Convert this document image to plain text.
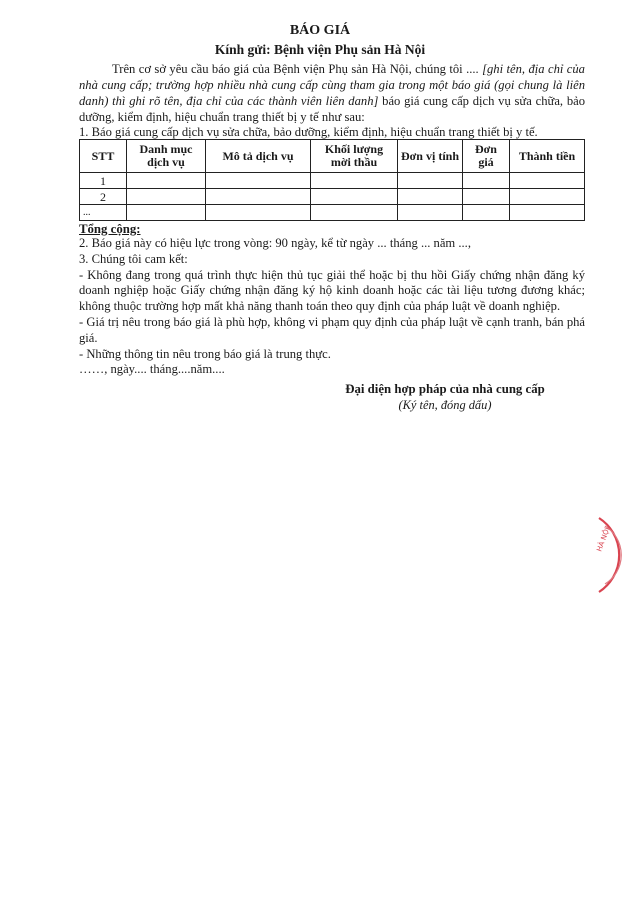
BÁO GIÁ
Kính gửi: Bệnh viện Phụ sản Hà Nội
Trên cơ sở yêu cầu báo giá của Bệnh viện Phụ sản Hà Nội, chúng tôi .... [ghi tên, địa chỉ của nhà cung cấp; trường hợp nhiều nhà cung cấp cùng tham gia trong một báo giá (gọi chung là liên danh) thì ghi rõ tên, địa chỉ của các thành viên liên danh] báo giá cung cấp dịch vụ sửa chữa, bảo dưỡng, kiểm định, hiệu chuẩn trang thiết bị y tế như sau:
1. Báo giá cung cấp dịch vụ sửa chữa, bảo dưỡng, kiểm định, hiệu chuẩn trang thiết bị y tế.
STT	Danh mục dịch vụ	Mô tả dịch vụ	Khối lượng mời thầu	Đơn vị tính	Đơn giá	Thành tiền
1						
2						
...						
Tổng cộng:

2. Báo giá này có hiệu lực trong vòng: 90 ngày, kể từ ngày ... tháng ... năm ...,

3. Chúng tôi cam kết:

- Không đang trong quá trình thực hiện thủ tục giải thể hoặc bị thu hồi Giấy chứng nhận đăng ký doanh nghiệp hoặc Giấy chứng nhận đăng ký hộ kinh doanh hoặc các tài liệu tương đương khác; không thuộc trường hợp mất khả năng thanh toán theo quy định của pháp luật về doanh nghiệp.

- Giá trị nêu trong báo giá là phù hợp, không vi phạm quy định của pháp luật về cạnh tranh, bán phá giá.

- Những thông tin nêu trong báo giá là trung thực.

……, ngày.... tháng....năm....

Đại diện hợp pháp của nhà cung cấp
(Ký tên, đóng dấu)
HÀ NỘI
